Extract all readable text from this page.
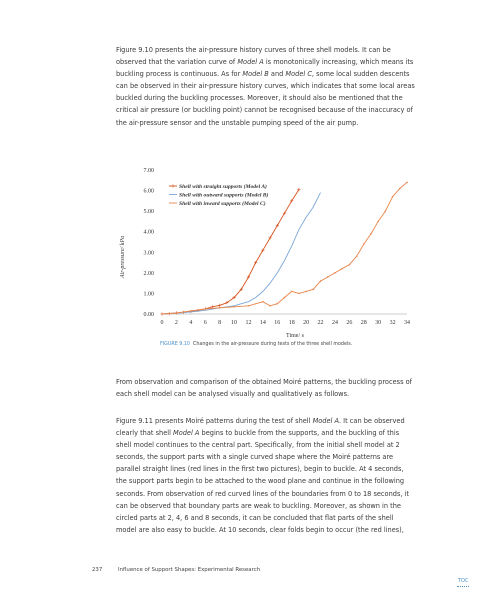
Figure 9.10 presents the air-pressure history curves of three shell models. It can be observed that the variation curve of Model A is monotonically increasing, which means its buckling process is continuous. As for Model B and Model C, some local sudden descents can be observed in their air-pressure history curves, which indicates that some local areas buckled during the buckling processes. Moreover, it should also be mentioned that the critical air pressure (or buckling point) cannot be recognised because of the inaccuracy of the air-pressure sensor and the unstable pumping speed of the air pump.

0.00
1.00
2.00
3.00
4.00
5.00
6.00
7.00
0 2 4 6 8 10 12 14 16 18 20 22 24 26 28 30 32 34
Shell with straight supports (Model A)
Shell with outward supports (Model B)
Shell with inward supports (Model C)
Air-pressure/ kPa
Time/ s
FIGURE 9.10 Changes in the air-pressure during tests of the three shell models.

From observation and comparison of the obtained Moiré patterns, the buckling process of each shell model can be analysed visually and qualitatively as follows.

Figure 9.11 presents Moiré patterns during the test of shell Model A. It can be observed clearly that shell Model A begins to buckle from the supports, and the buckling of this shell model continues to the central part. Specifically, from the initial shell model at 2 seconds, the support parts with a single curved shape where the Moiré patterns are parallel straight lines (red lines in the first two pictures), begin to buckle. At 4 seconds, the support parts begin to be attached to the wood plane and continue in the following seconds. From observation of red curved lines of the boundaries from 0 to 18 seconds, it can be observed that boundary parts are weak to buckling. Moreover, as shown in the circled parts at 2, 4, 6 and 8 seconds, it can be concluded that flat parts of the shell model are also easy to buckle. At 10 seconds, clear folds begin to occur (the red lines),

237	Influence of Support Shapes: Experimental Research
TOC
